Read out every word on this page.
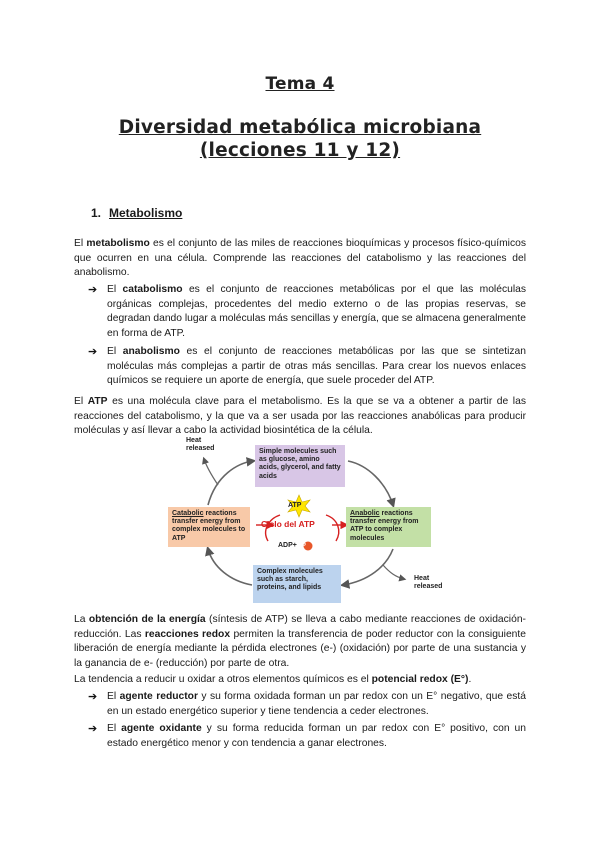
Tema 4
Diversidad metabólica microbiana
(lecciones 11 y 12)
1. Metabolismo

El metabolismo es el conjunto de las miles de reacciones bioquímicas y procesos físico-químicos que ocurren en una célula. Comprende las reacciones del catabolismo y las reacciones del anabolismo.

➔ El catabolismo es el conjunto de reacciones metabólicas por el que las moléculas orgánicas complejas, procedentes del medio externo o de las propias reservas, se degradan dando lugar a moléculas más sencillas y energía, que se almacena generalmente en forma de ATP.

➔ El anabolismo es el conjunto de reacciones metabólicas por las que se sintetizan moléculas más complejas a partir de otras más sencillas. Para crear los nuevos enlaces químicos se requiere un aporte de energía, que suele proceder del ATP.

El ATP es una molécula clave para el metabolismo. Es la que se va a obtener a partir de las reacciones del catabolismo, y la que va a ser usada por las reacciones anabólicas para producir moléculas y así llevar a cabo la actividad biosintética de la célula.

Heat released
Heat released
Simple molecules such as glucose, amino acids, glycerol, and fatty acids
Catabolic reactions transfer energy from complex molecules to ATP
Anabolic reactions transfer energy from ATP to complex molecules
Complex molecules such as starch, proteins, and lipids
ATP
Ciclo del ATP
ADP+ P

La obtención de la energía (síntesis de ATP) se lleva a cabo mediante reacciones de oxidación-reducción. Las reacciones redox permiten la transferencia de poder reductor con la consiguiente liberación de energía mediante la pérdida electrones (e-) (oxidación) por parte de una sustancia y la ganancia de e- (reducción) por parte de otra.

La tendencia a reducir u oxidar a otros elementos químicos es el potencial redox (E°).

➔ El agente reductor y su forma oxidada forman un par redox con un E° negativo, que está en un estado energético superior y tiene tendencia a ceder electrones.

➔ El agente oxidante y su forma reducida forman un par redox con E° positivo, con un estado energético menor y con tendencia a ganar electrones.
